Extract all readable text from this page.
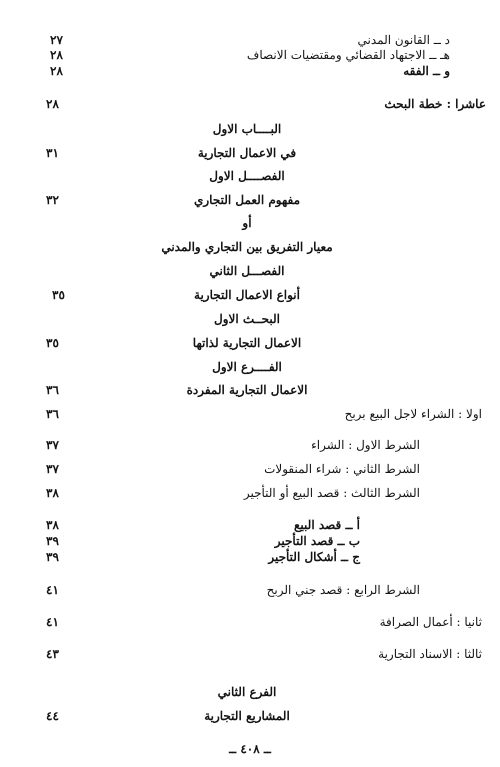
د ــ القانون المدني
٢٧
هـ ــ الاجتهاد القضائي ومقتضيات الانصاف
٢٨
و ــ الفقه
٢٨
عاشرا : خطة البحث
٢٨
البــــاب الاول
في الاعمال التجارية
٣١
الفصــــل الاول
مفهوم العمل التجاري
٣٢
أو
معيار التفريق بين التجاري والمدني
الفصـــل الثاني
أنواع الاعمال التجارية
٣٥
البحــث الاول
الاعمال التجارية لذاتها
٣٥
الفــــرع الاول
الاعمال التجارية المفردة
٣٦
اولا : الشراء لاجل البيع بربح
٣٦
الشرط الاول : الشراء
٣٧
الشرط الثاني : شراء المنقولات
٣٧
الشرط الثالث : قصد البيع أو التأجير
٣٨
أ ــ قصد البيع
٣٨
ب ــ قصد التأجير
٣٩
ج ــ أشكال التأجير
٣٩
الشرط الرابع : قصد جني الربح
٤١
ثانيا : أعمال الصرافة
٤١
ثالثا : الاسناد التجارية
٤٣
الفرع الثاني
المشاريع التجارية
٤٤
ــ ٤٠٨ ــ
